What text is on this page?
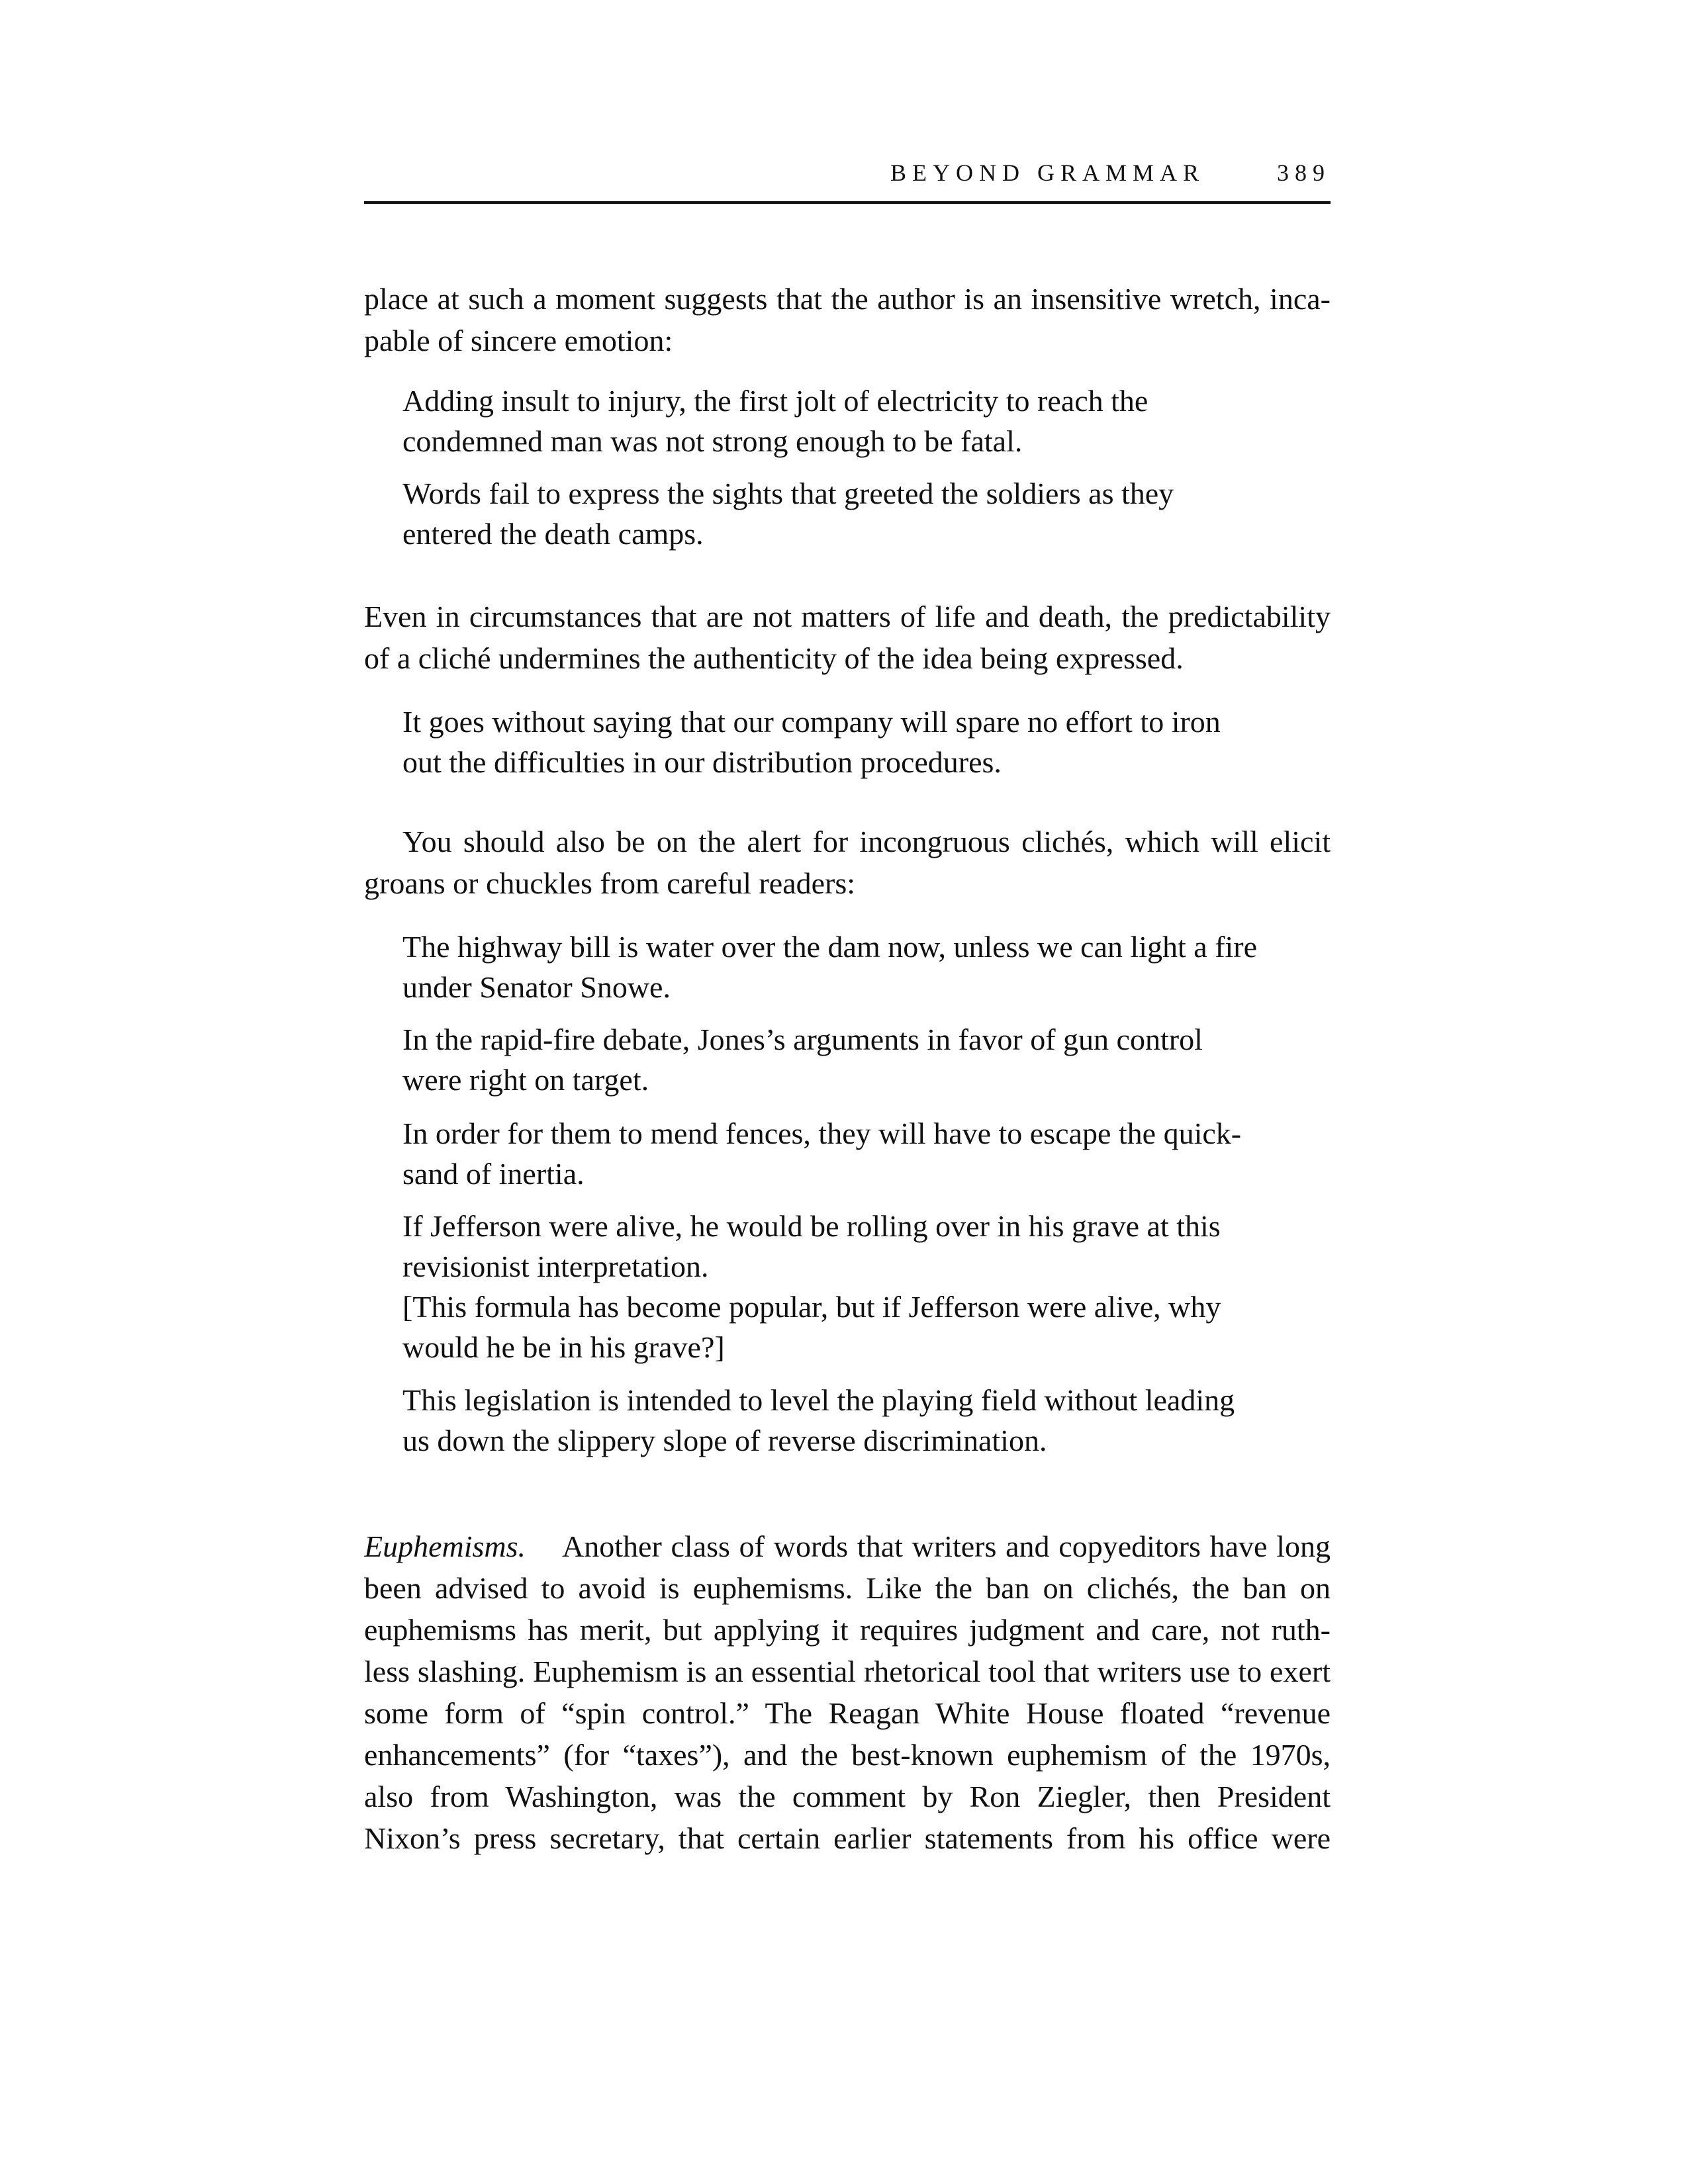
BEYOND GRAMMAR	389
place at such a moment suggests that the author is an insensitive wretch, inca-
pable of sincere emotion:
Adding insult to injury, the first jolt of electricity to reach the
condemned man was not strong enough to be fatal.
Words fail to express the sights that greeted the soldiers as they
entered the death camps.
Even in circumstances that are not matters of life and death, the predictability
of a cliché undermines the authenticity of the idea being expressed.
It goes without saying that our company will spare no effort to iron
out the difficulties in our distribution procedures.
You should also be on the alert for incongruous clichés, which will elicit
groans or chuckles from careful readers:
The highway bill is water over the dam now, unless we can light a fire
under Senator Snowe.
In the rapid-fire debate, Jones’s arguments in favor of gun control
were right on target.
In order for them to mend fences, they will have to escape the quick-
sand of inertia.
If Jefferson were alive, he would be rolling over in his grave at this
revisionist interpretation.
[This formula has become popular, but if Jefferson were alive, why
would he be in his grave?]
This legislation is intended to level the playing field without leading
us down the slippery slope of reverse discrimination.
Euphemisms. Another class of words that writers and copyeditors have long
been advised to avoid is euphemisms. Like the ban on clichés, the ban on
euphemisms has merit, but applying it requires judgment and care, not ruth-
less slashing. Euphemism is an essential rhetorical tool that writers use to exert
some form of “spin control.” The Reagan White House floated “revenue
enhancements” (for “taxes”), and the best-known euphemism of the 1970s,
also from Washington, was the comment by Ron Ziegler, then President
Nixon’s press secretary, that certain earlier statements from his office were
